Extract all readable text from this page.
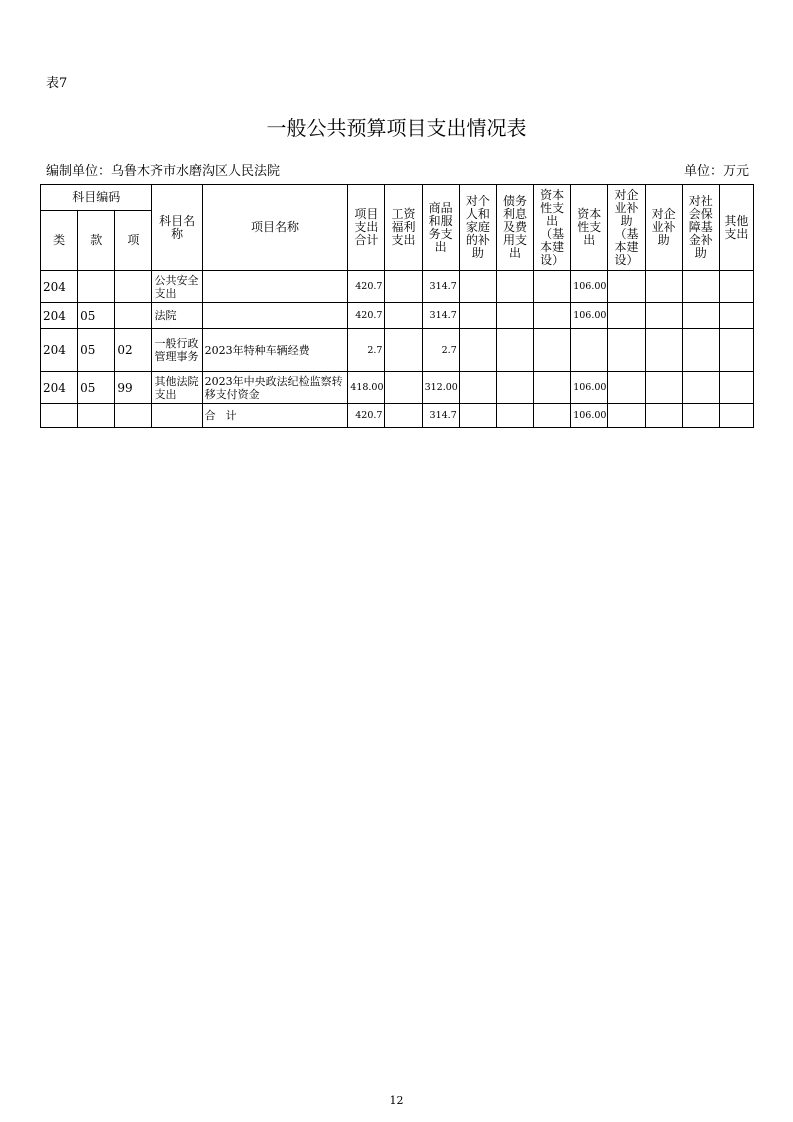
表7
一般公共预算项目支出情况表
编制单位：乌鲁木齐市水磨沟区人民法院	单位：万元
科目编码			科目名称	项目名称	项目支出合计	工资福利支出	商品和服务支出	对个人和家庭的补助	债务利息及费用支出	资本性支出（基本建设）	资本性支出	对企业补助（基本建设）	对企业补助	对社会保障基金补助	其他支出
类	款	项													
204			公共安全支出		420.7		314.7				106.00				
204	05		法院		420.7		314.7				106.00				
204	05	02	一般行政管理事务	2023年特种车辆经费	2.7		2.7								
204	05	99	其他法院支出	2023年中央政法纪检监察转移支付资金	418.00		312.00				106.00				
				合计	420.7		314.7				106.00				
12
